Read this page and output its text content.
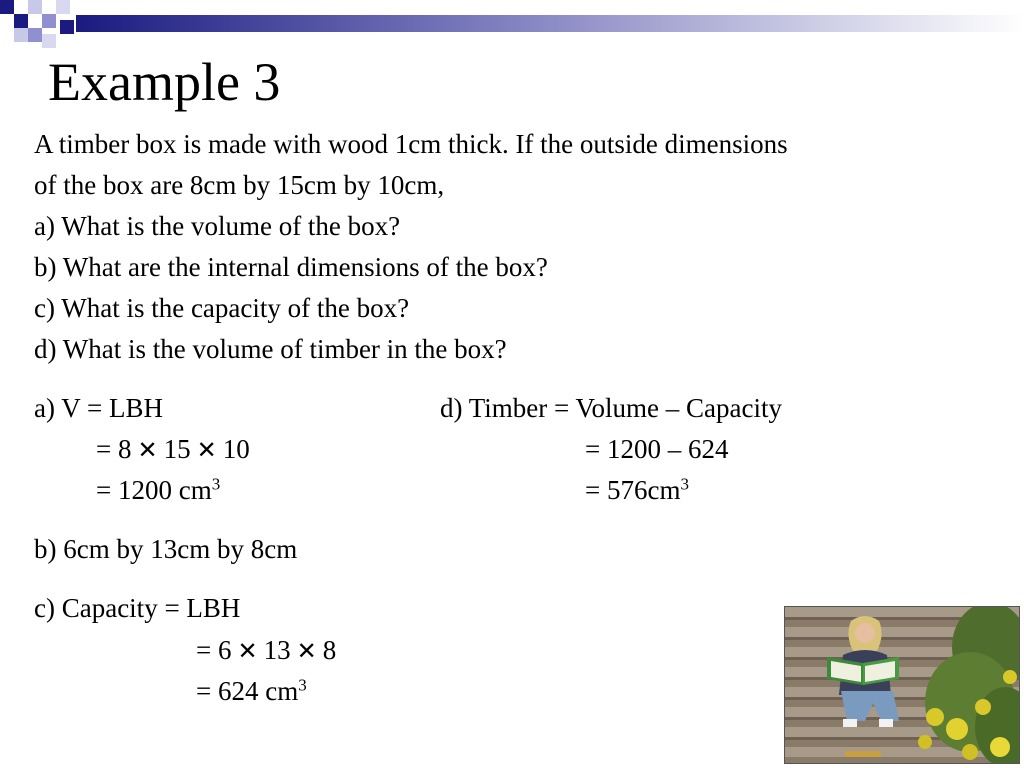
Example 3
A timber box is made with wood 1cm thick. If the outside dimensions
of the box are 8cm by 15cm by 10cm,
a) What is the volume of the box?
b) What are the internal dimensions of the box?
c) What is the capacity of the box?
d) What is the volume of timber in the box?
a) V = LBH
= 8 ✕ 15 ✕ 10
= 1200 $cm^3$
d) Timber = Volume – Capacity
= 1200 – 624
= $576cm^3$
b) 6cm by 13cm by 8cm
c) Capacity = LBH
= 6 ✕ 13 ✕ 8
= 624 $cm^3$
